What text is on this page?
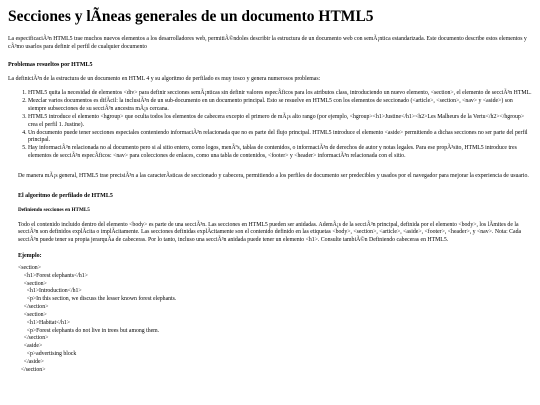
Secciones y lÃneas generales de un documento HTML5

La especificaciÃ³n HTML5 trae muchos nuevos elementos a los desarrolladores web, permitiÃ©ndoles describir la estructura de un documento web con semÃ¡ntica estandarizada. Este documento describe estos elementos y cÃ³mo usarlos para definir el perfil de cualquier documento

Problemas resueltos por HTML5

La definiciÃ³n de la estructura de un documento en HTML 4 y su algoritmo de perfilado es muy tosco y genera numerosos problemas:

1. HTML5 quita la necesidad de elementos <div> para definir secciones semÃ¡nticas sin definir valores especÃficos para los atributos class, introduciendo un nuevo elemento, <section>, el elemento de secciÃ³n HTML.
2. Mezclar varios documentos es difÃcil: la inclusiÃ³n de un sub-documento en un documento principal. Esto se resuelve en HTML5 con los elementos de seccionado (<article>, <section>, <nav> y <aside>) son siempre subsecciones de su secciÃ³n ancestra mÃ¡s cercana.
3. HTML5 introduce el elemento <hgroup> que oculta todos los elementos de cabecera excepto el primero de mÃ¡s alto rango (por ejemplo, <hgroup><h1>Justine</h1><h2>Les Malheurs de la Vertu</h2></hgroup> crea el perfil 1. Justine).
4. Un documento puede tener secciones especiales conteniendo informaciÃ³n relacionada que no es parte del flujo principal. HTML5 introduce el elemento <aside> permitiendo a dichas secciones no ser parte del perfil principal.
5. Hay informaciÃ³n relacionada no al documento pero si al sitio entero, como logos, menÃºs, tablas de contenidos, o informaciÃ³n de derechos de autor y notas legales. Para ese propÃ³sito, HTML5 introduce tres elementos de secciÃ³n especÃficos: <nav> para colecciones de enlaces, como una tabla de contenidos, <footer> y <header> informaciÃ³n relacionada con el sitio.

De manera mÃ¡s general, HTML5 trae precisiÃ³n a las caracterÃsticas de seccionado y cabecera, permitiendo a los perfiles de documento ser predecibles y usados por el navegador para mejorar la experiencia de usuario.

El algoritmo de perfilado de HTML5
Definiendo secciones en HTML5

Todo el contenido incluido dentro del elemento <body> es parte de una secciÃ³n. Las secciones en HTML5 pueden ser anidadas. AdemÃ¡s de la secciÃ³n principal, definida por el elemento <body>, los lÃmites de la secciÃ³n son definidos explÃcita o implÃcitamente. Las secciones definidas explÃcitamente son el contenido definido en las etiquetas <body>, <section>, <article>, <aside>, <footer>, <header>, y <nav>. Nota: Cada secciÃ³n puede tener su propia jerarquÃa de cabeceras. Por lo tanto, incluso una secciÃ³n anidada puede tener un elemento <h1>. Consulte tambiÃ©n Definiendo cabeceras en HTML5.

Ejemplo:
<section>
<h1>Forest elephants</h1>
<section>
<h1>Introduction</h1>
<p>In this section, we discuss the lesser known forest elephants.
</section>
<section>
<h1>Habitat</h1>
<p>Forest elephants do not live in trees but among them.
</section>
<aside>
<p>advertising block
</aside>
</section>
